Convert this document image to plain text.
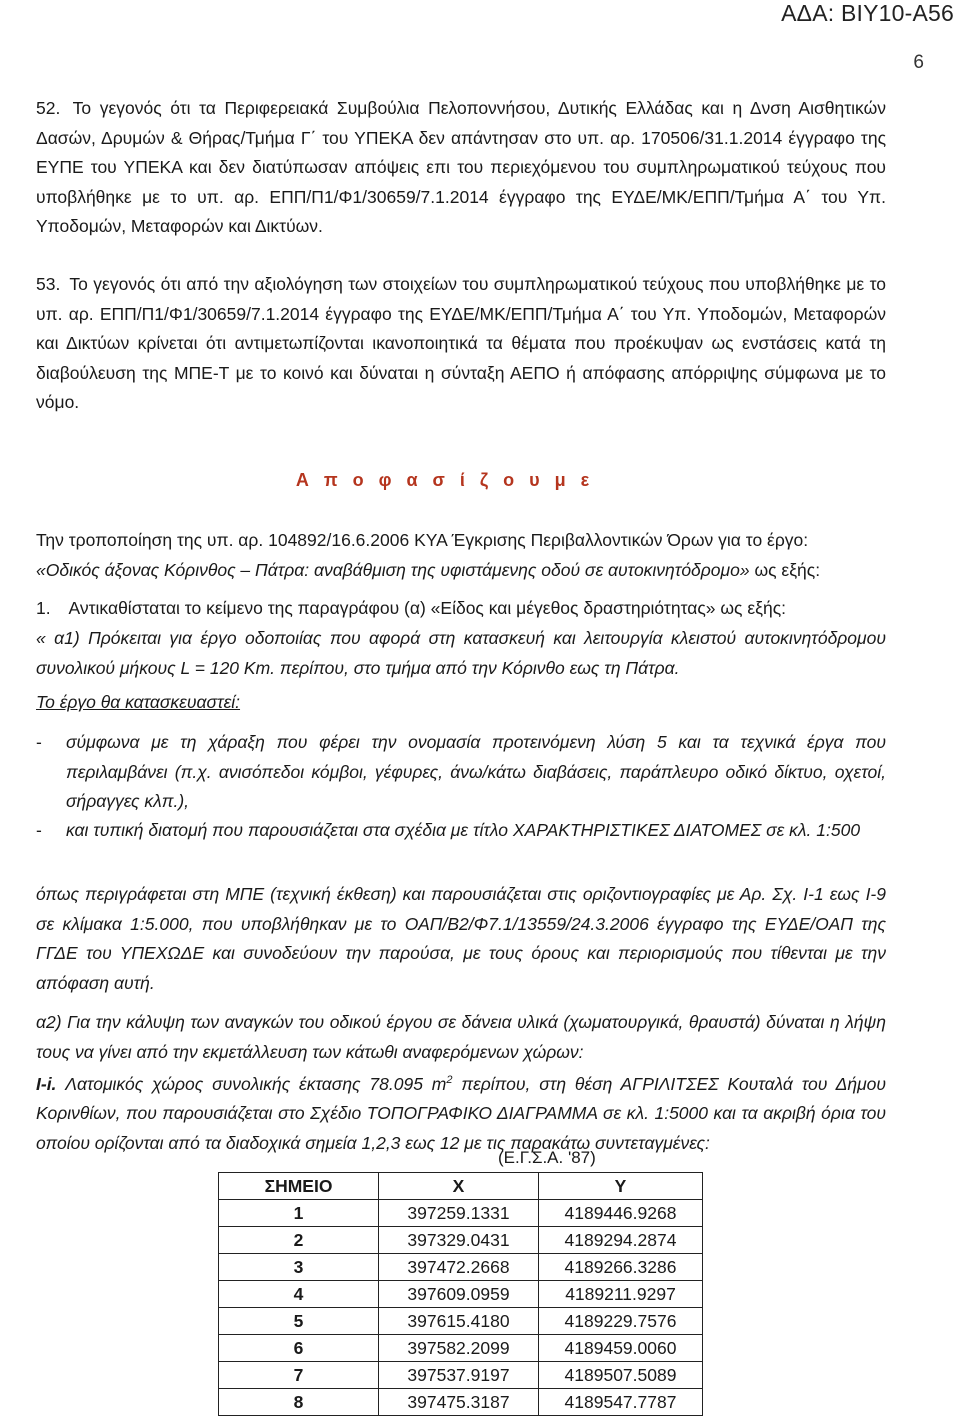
ΑΔΑ: ΒΙΥ10-Α56
6
52. Το γεγονός ότι τα Περιφερειακά Συμβούλια Πελοποννήσου, Δυτικής Ελλάδας και η Δνση Αισθητικών Δασών, Δρυμών & Θήρας/Τμήμα Γ΄ του ΥΠΕΚΑ δεν απάντησαν στο υπ. αρ. 170506/31.1.2014 έγγραφο της ΕΥΠΕ του ΥΠΕΚΑ και δεν διατύπωσαν απόψεις επι του περιεχόμενου του συμπληρωματικού τεύχους που υποβλήθηκε με το υπ. αρ. ΕΠΠ/Π1/Φ1/30659/7.1.2014 έγγραφο της ΕΥΔΕ/ΜΚ/ΕΠΠ/Τμήμα Α΄ του Υπ. Υποδομών, Μεταφορών και Δικτύων.
53. Το γεγονός ότι από την αξιολόγηση των στοιχείων του συμπληρωματικού τεύχους που υποβλήθηκε με το υπ. αρ. ΕΠΠ/Π1/Φ1/30659/7.1.2014 έγγραφο της ΕΥΔΕ/ΜΚ/ΕΠΠ/Τμήμα Α΄ του Υπ. Υποδομών, Μεταφορών και Δικτύων κρίνεται ότι αντιμετωπίζονται ικανοποιητικά τα θέματα που προέκυψαν ως ενστάσεις κατά τη διαβούλευση της ΜΠΕ-Τ με το κοινό και δύναται η σύνταξη ΑΕΠΟ ή απόφασης απόρριψης σύμφωνα με το νόμο.
Α π ο φ α σ ί ζ ο υ μ ε
Την τροποποίηση της υπ. αρ. 104892/16.6.2006 ΚΥΑ Έγκρισης Περιβαλλοντικών Όρων για το έργο:
«Οδικός άξονας Κόρινθος – Πάτρα: αναβάθμιση της υφιστάμενης οδού σε αυτοκινητόδρομο» ως εξής:
1. Αντικαθίσταται το κείμενο της παραγράφου (α) «Είδος και μέγεθος δραστηριότητας» ως εξής:
« α1) Πρόκειται για έργο οδοποιίας που αφορά στη κατασκευή και λειτουργία κλειστού αυτοκινητόδρομου συνολικού μήκους L = 120 Km. περίπου, στο τμήμα από την Κόρινθο εως τη Πάτρα.
Το έργο θα κατασκευαστεί:
- σύμφωνα με τη χάραξη που φέρει την ονομασία προτεινόμενη λύση 5 και τα τεχνικά έργα που περιλαμβάνει (π.χ. ανισόπεδοι κόμβοι, γέφυρες, άνω/κάτω διαβάσεις, παράπλευρο οδικό δίκτυο, οχετοί, σήραγγες κλπ.),
- και τυπική διατομή που παρουσιάζεται στα σχέδια με τίτλο ΧΑΡΑΚΤΗΡΙΣΤΙΚΕΣ ΔΙΑΤΟΜΕΣ σε κλ. 1:500
όπως περιγράφεται στη ΜΠΕ (τεχνική έκθεση) και παρουσιάζεται στις οριζοντιογραφίες με Αρ. Σχ. Ι-1 εως Ι-9 σε κλίμακα 1:5.000, που υποβλήθηκαν με το ΟΑΠ/Β2/Φ7.1/13559/24.3.2006 έγγραφο της ΕΥΔΕ/ΟΑΠ της ΓΓΔΕ του ΥΠΕΧΩΔΕ και συνοδεύουν την παρούσα, με τους όρους και περιορισμούς που τίθενται με την απόφαση αυτή.
α2) Για την κάλυψη των αναγκών του οδικού έργου σε δάνεια υλικά (χωματουργικά, θραυστά) δύναται η λήψη τους να γίνει από την εκμετάλλευση των κάτωθι αναφερόμενων χώρων:
I-i. Λατομικός χώρος συνολικής έκτασης 78.095 $m^2$ περίπου, στη θέση ΑΓΡΙΛΙΤΣΕΣ Κουταλά του Δήμου Κορινθίων, που παρουσιάζεται στο Σχέδιο ΤΟΠΟΓΡΑΦΙΚΟ ΔΙΑΓΡΑΜΜΑ σε κλ. 1:5000 και τα ακριβή όρια του οποίου ορίζονται από τα διαδοχικά σημεία 1,2,3 εως 12 με τις παρακάτω συντεταγμένες:
(Ε.Γ.Σ.Α. '87)
ΣΗΜΕΙΟ	Χ	Υ
1	397259.1331	4189446.9268
2	397329.0431	4189294.2874
3	397472.2668	4189266.3286
4	397609.0959	4189211.9297
5	397615.4180	4189229.7576
6	397582.2099	4189459.0060
7	397537.9197	4189507.5089
8	397475.3187	4189547.7787
